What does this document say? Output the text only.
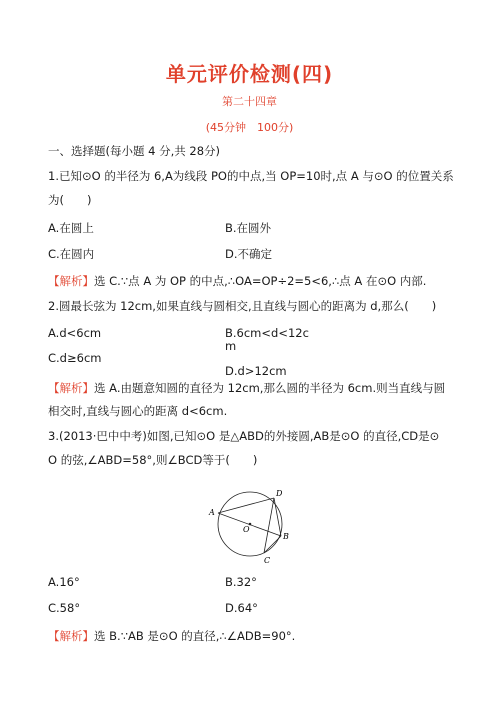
单元评价检测(四)
第二十四章
(45分钟　100分)
一、选择题(每小题 4 分,共 28分)
1.已知⊙O 的半径为 6,A为线段 PO的中点,当 OP=10时,点 A 与⊙O 的位置关系
为(　　)
A.在圆上	B.在圆外
C.在圆内	D.不确定
【解析】选 C.∵点 A 为 OP 的中点,∴OA=OP÷2=5<6,∴点 A 在⊙O 内部.
2.圆最长弦为 12cm,如果直线与圆相交,且直线与圆心的距离为 d,那么(　　)
A.d<6cm	B.6cm<d<12c
m
C.d≥6cm
D.d>12cm
【解析】选 A.由题意知圆的直径为 12cm,那么圆的半径为 6cm.则当直线与圆
相交时,直线与圆心的距离 d<6cm.
3.(2013·巴中中考)如图,已知⊙O 是△ABD的外接圆,AB是⊙O 的直径,CD是⊙
O 的弦,∠ABD=58°,则∠BCD等于(　　)
A
B
C
D
O
A.16°	B.32°
C.58°	D.64°
【解析】选 B.∵AB 是⊙O 的直径,∴∠ADB=90°.
